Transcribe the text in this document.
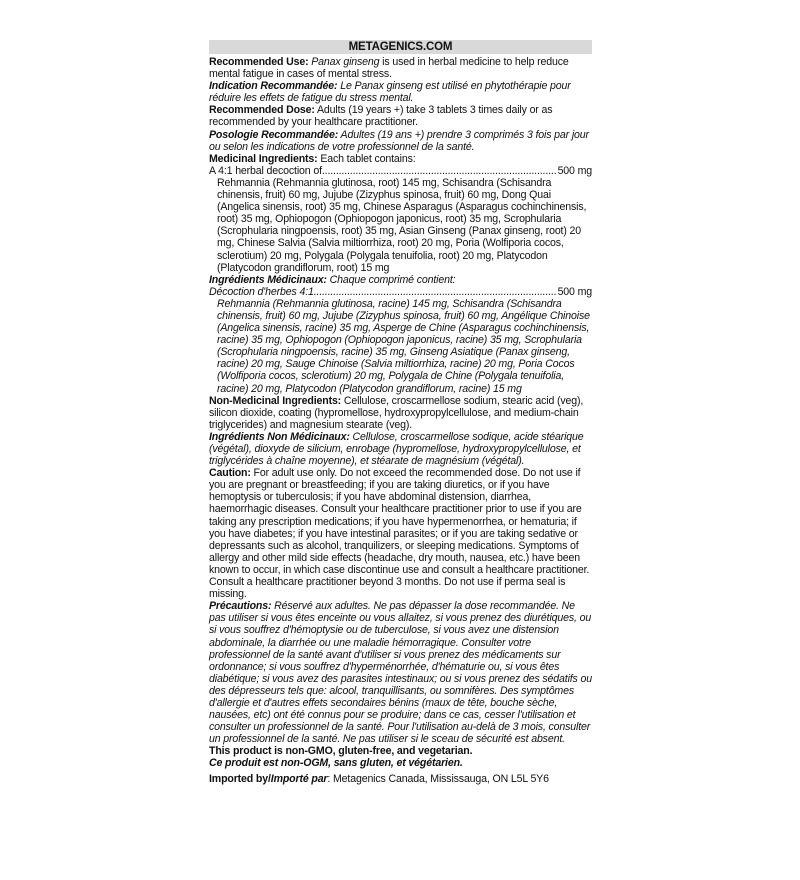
METAGENICS.COM

Recommended Use: Panax ginseng is used in herbal medicine to help reduce mental fatigue in cases of mental stress.

Indication Recommandée: Le Panax ginseng est utilisé en phytothérapie pour réduire les effets de fatigue du stress mental.

Recommended Dose: Adults (19 years +) take 3 tablets 3 times daily or as recommended by your healthcare practitioner.

Posologie Recommandée: Adultes (19 ans +) prendre 3 comprimés 3 fois par jour ou selon les indications de votre professionnel de la santé.

Medicinal Ingredients: Each tablet contains:

A 4:1 herbal decoction of .....	500 mg

Rehmannia (Rehmannia glutinosa, root) 145 mg, Schisandra (Schisandra chinensis, fruit) 60 mg, Jujube (Zizyphus spinosa, fruit) 60 mg, Dong Quai (Angelica sinensis, root) 35 mg, Chinese Asparagus (Asparagus cochinchinensis, root) 35 mg, Ophiopogon (Ophiopogon japonicus, root) 35 mg, Scrophularia (Scrophularia ningpoensis, root) 35 mg, Asian Ginseng (Panax ginseng, root) 20 mg, Chinese Salvia (Salvia miltiorrhiza, root) 20 mg, Poria (Wolfiporia cocos, sclerotium) 20 mg, Polygala (Polygala tenuifolia, root) 20 mg, Platycodon (Platycodon grandiflorum, root) 15 mg

Ingrédients Médicinaux: Chaque comprimé contient:

Décoction d'herbes 4:1 .....	500 mg

Rehmannia (Rehmannia glutinosa, racine) 145 mg, Schisandra (Schisandra chinensis, fruit) 60 mg, Jujube (Zizyphus spinosa, fruit) 60 mg, Angélique Chinoise (Angelica sinensis, racine) 35 mg, Asperge de Chine (Asparagus cochinchinensis, racine) 35 mg, Ophiopogon (Ophiopogon japonicus, racine) 35 mg, Scrophularia (Scrophularia ningpoensis, racine) 35 mg, Ginseng Asiatique (Panax ginseng, racine) 20 mg, Sauge Chinoise (Salvia miltiorrhiza, racine) 20 mg, Poria Cocos (Wolfiporia cocos, sclerotium) 20 mg, Polygala de Chine (Polygala tenuifolia, racine) 20 mg, Platycodon (Platycodon grandiflorum, racine) 15 mg

Non-Medicinal Ingredients: Cellulose, croscarmellose sodium, stearic acid (veg), silicon dioxide, coating (hypromellose, hydroxypropylcellulose, and medium-chain triglycerides) and magnesium stearate (veg).

Ingrédients Non Médicinaux: Cellulose, croscarmellose sodique, acide stéarique (végétal), dioxyde de silicium, enrobage (hypromellose, hydroxypropylcellulose, et triglycérides à chaîne moyenne), et stéarate de magnésium (végétal).

Caution: For adult use only. Do not exceed the recommended dose. Do not use if you are pregnant or breastfeeding; if you are taking diuretics, or if you have hemoptysis or tuberculosis; if you have abdominal distension, diarrhea, haemorrhagic diseases. Consult your healthcare practitioner prior to use if you are taking any prescription medications; if you have hypermenorrhea, or hematuria; if you have diabetes; if you have intestinal parasites; or if you are taking sedative or depressants such as alcohol, tranquilizers, or sleeping medications. Symptoms of allergy and other mild side effects (headache, dry mouth, nausea, etc.) have been known to occur, in which case discontinue use and consult a healthcare practitioner. Consult a healthcare practitioner beyond 3 months. Do not use if perma seal is missing.

Précautions: Réservé aux adultes. Ne pas dépasser la dose recommandée. Ne pas utiliser si vous êtes enceinte ou vous allaitez, si vous prenez des diurétiques, ou si vous souffrez d'hémoptysie ou de tuberculose, si vous avez une distension abdominale, la diarrhée ou une maladie hémorragique. Consulter votre professionnel de la santé avant d'utiliser si vous prenez des médicaments sur ordonnance; si vous souffrez d'hyperménorrhée, d'hématurie ou, si vous êtes diabétique; si vous avez des parasites intestinaux; ou si vous prenez des sédatifs ou des dépresseurs tels que: alcool, tranquillisants, ou somnifères. Des symptômes d'allergie et d'autres effets secondaires bénins (maux de tête, bouche sèche, nausées, etc) ont été connus pour se produire; dans ce cas, cesser l'utilisation et consulter un professionnel de la santé. Pour l'utilisation au-delà de 3 mois, consulter un professionnel de la santé. Ne pas utiliser si le sceau de sécurité est absent.

This product is non-GMO, gluten-free, and vegetarian.

Ce produit est non-OGM, sans gluten, et végétarien.

Imported by/Importé par: Metagenics Canada, Mississauga, ON L5L 5Y6
